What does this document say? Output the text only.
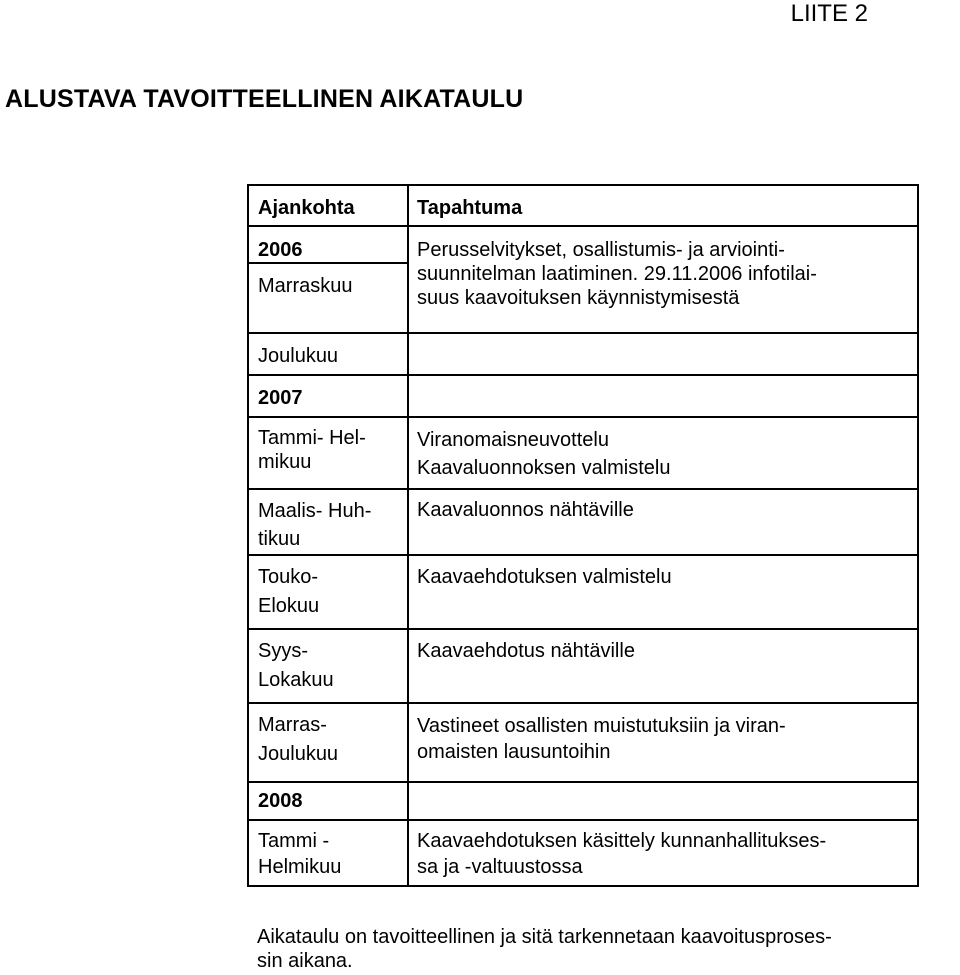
LIITE 2
ALUSTAVA TAVOITTEELLINEN AIKATAULU
Ajankohta	Tapahtuma

2006	Perusselvitykset, osallistumis- ja arviointi-
suunnitelman laatiminen. 29.11.2006 infotilai-
suus kaavoituksen käynnistymisestä

Marraskuu	

Joulukuu	

2007	

Tammi- Hel-
mikuu	Viranomaisneuvottelu
Kaavaluonnoksen valmistelu

Maalis- Huh-
tikuu	Kaavaluonnos nähtäville

Touko-
Elokuu	Kaavaehdotuksen valmistelu

Syys-
Lokakuu	Kaavaehdotus nähtäville

Marras-
Joulukuu	Vastineet osallisten muistutuksiin ja viran-
omaisten lausuntoihin

2008	

Tammi -
Helmikuu	Kaavaehdotuksen käsittely kunnanhallitukses-
sa ja -valtuustossa

Aikataulu on tavoitteellinen ja sitä tarkennetaan kaavoitusproses-
sin aikana.
